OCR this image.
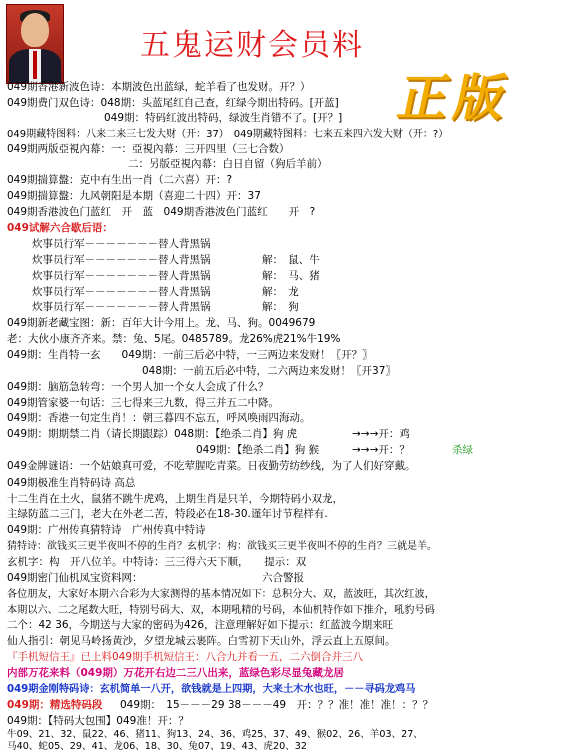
五鬼运财会员料
正版
049期香港新波色诗：本期波色出蓝绿，蛇羊看了也发财。开？）
049期费门双色诗：048期：头蓝尾红自己查，红绿今期出特码。[开蓝]
049期：特码红波出特码，绿波生肖错不了。[开？]
049期藏特图料：八来二来三七发大财（开：37）　049期藏特图料：七来五来四六发大财（开：?）
049期两版亞視內幕：一：亞視內幕：三开四里（三七合数）
二：另版亞視內幕：白日自留（狗后羊前）
049期揣算盤：克中有生出一肖（二六喜）开：?
049期揣算盤：九风朝阳是本期（喜迎二十四）开：37
049期香港波色门蓝红　开　蓝　049期香港波色门蓝红　　开　?
049试解六合歇后语：
炊事员行军－－－－－－－替人背黑锅
炊事员行军－－－－－－－替人背黑锅	解：　鼠、牛
炊事员行军－－－－－－－替人背黑锅	解：　马、猪
炊事员行军－－－－－－－替人背黑锅	解：　龙
炊事员行军－－－－－－－替人背黑锅	解：　狗
049期新老藏宝图：新：百年大计今用上。龙、马、狗。0049679
老：大伙小康齐齐来。禁：兔、5尾。0485789。龙26%虎21%牛19%
049期：生肖特一玄　　049期：一前三后必中特，一三两边来发财！〖开？〗
048期：一前五后必中特，二六两边来发财！〖开37〗
049期：脑筋急转弯：一个男人加一个女人会成了什么？
049期管家婆一句话：三七得来三九数，得三并五二中降。
049期：香港一句定生肖！：朝三暮四不忘五，呼风唤雨四海动。
049期：期期禁二肖（请长期跟踪）048期：【绝杀二肖】狗 虎	→→→开：鸡
049期：【绝杀二肖】狗 猴	→→→开：？	杀绿
049金牌谜语：一个姑娘真可爱，不吃荤腥吃青菜。日夜勤劳纺纱线，为了人们好穿戴。
049期极准生肖特码诗 高总
十二生肖在土火，鼠猪不跳牛虎鸡，上期生肖是只羊，今期特码小双龙，
主绿防蓝二三门，老大在外老二苦，特段必在18-30.谨年讨节程样有.
049期：广州传真猜特诗　广州传真中特诗
猜特诗：欲钱买三更半夜叫不停的生肖？玄机字：构：欲钱买三更半夜叫不停的生肖？三就是羊。
玄机字：构　开八位羊。中特诗：三三得六天下顺，　　提示：双
049期密门仙机凤宝资料网：	六合警报
各位朋友，大家好本期六合彩为大家测得的基本情况如下：总积分大、双，蓝波旺，其次红波，
本期以六、二之尾数大旺，特别号码大、双，本期吼精的号码，本仙机特作如下推介，吼豹号码
二个：42 36，今期送与大家的密码为426，注意理解好如下提示：红蓝波今期来旺
仙人指引：朝见马岭扬黄沙，夕望龙城云裹阵。白雪初下天山外，浮云直上五原间。
『手机短信王』已上料049期手机短信王：八合九并看一五，二六倒合并三八
内部万花来料（049期）万花开右边二三八出来，蓝绿色彩尽显兔藏龙居
049期金刚特码诗：玄机简单一八开，欲钱就是上四期，大来土木水也旺，－－寻码龙鸡马
049期：精选特码段 049期：　15－－－29 38－－－49　开：？？准！准！准！：？？
049期：【特码大包围】049准！开：？
牛09、21、32、鼠22、46、猪11、狗13、24、36、鸡25、37、49、猴02、26、羊03、27、
马40、蛇05、29、41、龙06、18、30、兔07、19、43、虎20、32
